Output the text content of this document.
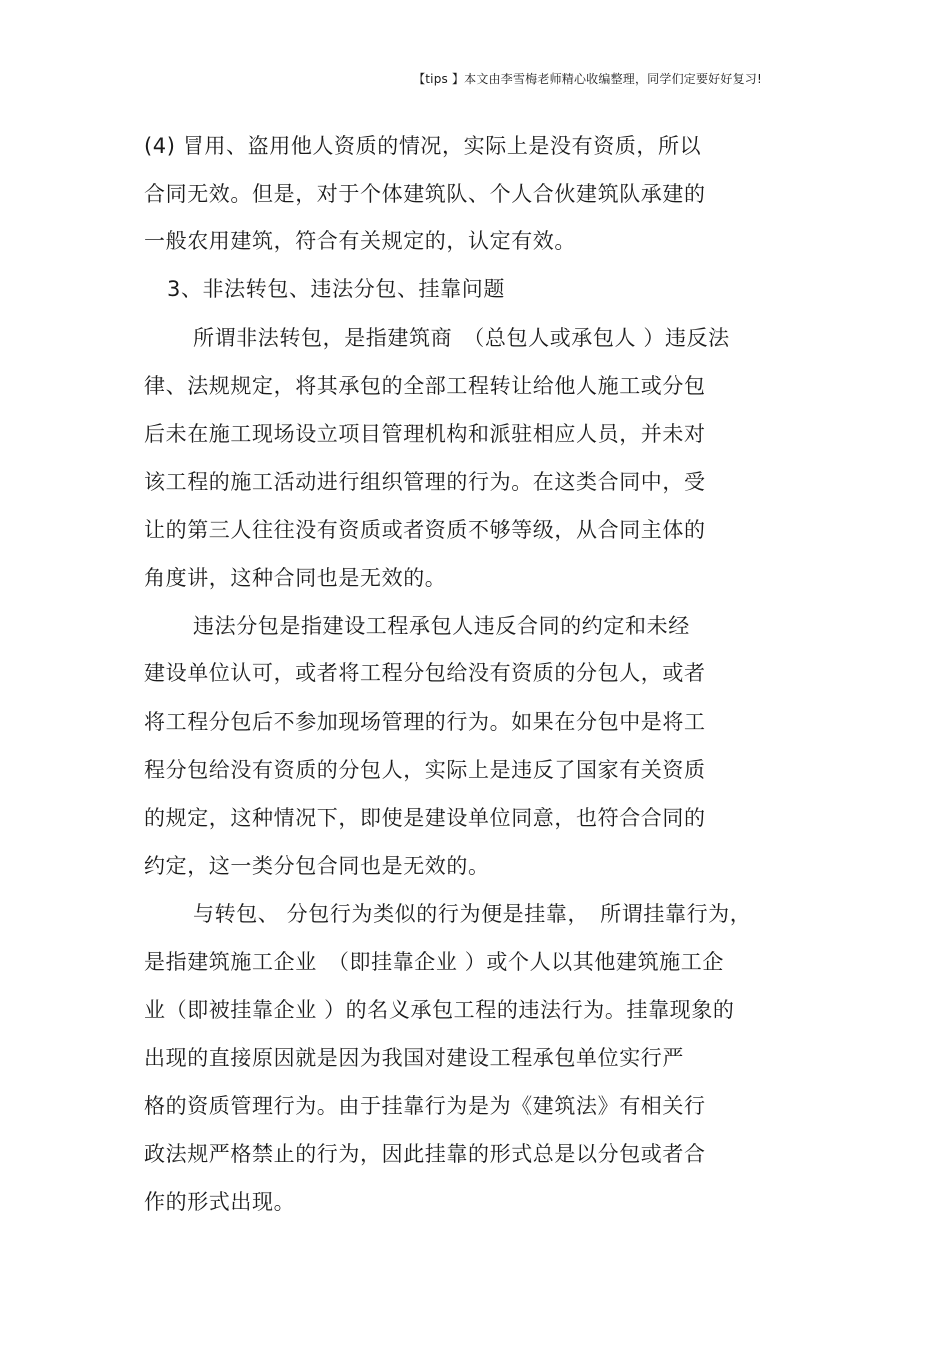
【tips 】本文由李雪梅老师精心收编整理，同学们定要好好复习!
(4) 冒用、盗用他人资质的情况，实际上是没有资质，所以
合同无效。但是，对于个体建筑队、个人合伙建筑队承建的
一般农用建筑，符合有关规定的，认定有效。
3、非法转包、违法分包、挂靠问题
所谓非法转包，是指建筑商　（总包人或承包人 ）违反法
律、法规规定，将其承包的全部工程转让给他人施工或分包
后未在施工现场设立项目管理机构和派驻相应人员，并未对
该工程的施工活动进行组织管理的行为。在这类合同中，受
让的第三人往往没有资质或者资质不够等级，从合同主体的
角度讲，这种合同也是无效的。
违法分包是指建设工程承包人违反合同的约定和未经
建设单位认可，或者将工程分包给没有资质的分包人，或者
将工程分包后不参加现场管理的行为。如果在分包中是将工
程分包给没有资质的分包人，实际上是违反了国家有关资质
的规定，这种情况下，即使是建设单位同意，也符合合同的
约定，这一类分包合同也是无效的。
与转包、 分包行为类似的行为便是挂靠，　所谓挂靠行为，
是指建筑施工企业　（即挂靠企业 ）或个人以其他建筑施工企
业（即被挂靠企业 ）的名义承包工程的违法行为。挂靠现象的
出现的直接原因就是因为我国对建设工程承包单位实行严
格的资质管理行为。由于挂靠行为是为《建筑法》有相关行
政法规严格禁止的行为，因此挂靠的形式总是以分包或者合
作的形式出现。
